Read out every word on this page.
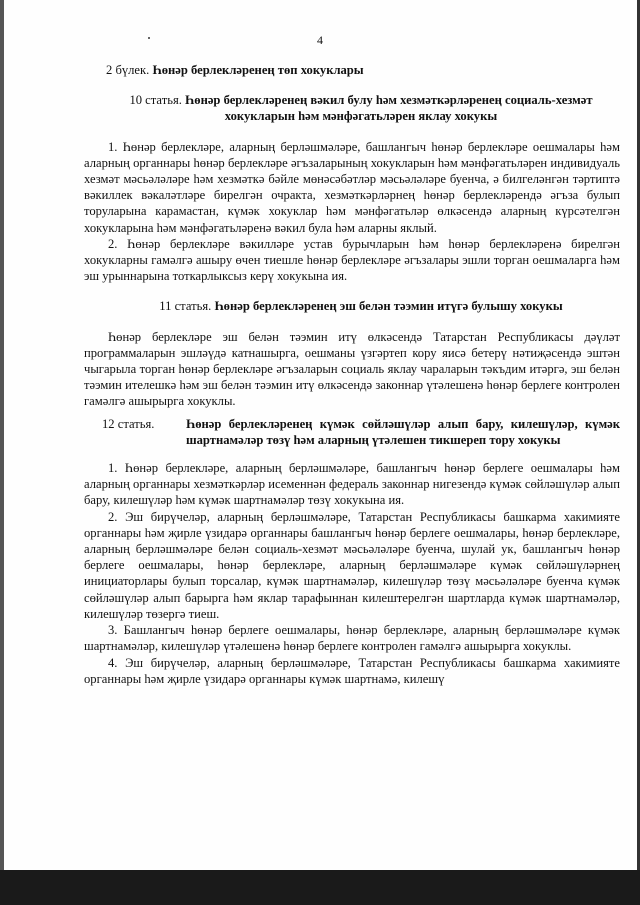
4
2 бүлек. Һөнәр берлекләренең төп хокуклары
10 статья. Һөнәр берлекләренең вәкил булу һәм хезмәткәрләренең социаль-хезмәт хокукларын һәм мәнфәгатьләрен яклау хокукы

1. Һөнәр берлекләре, аларның берләшмәләре, башлангыч һөнәр берлекләре оешмалары һәм аларның органнары һөнәр берлекләре әгъзаларының хокукларын һәм мәнфәгатьләрен индивидуаль хезмәт мәсьәләләре һәм хезмәткә бәйле мөнәсәбәтләр мәсьәләләре буенча, ә билгеләнгән тәртиптә вәкиллек вәкаләтләре бирелгән очракта, хезмәткәрләрнең һөнәр берлекләрендә әгъза булып торуларына карамастан, күмәк хокуклар һәм мәнфәгатьләр өлкәсендә аларның күрсәтелгән хокукларына һәм мәнфәгатьләренә вәкил була һәм аларны яклый.

2. Һөнәр берлекләре вәкилләре устав бурычларын һәм һөнәр берлекләренә бирелгән хокукларны гамәлгә ашыру өчен тиешле һөнәр берлекләре әгъзалары эшли торган оешмаларга һәм эш урыннарына тоткарлыксыз керү хокукына ия.

11 статья. Һөнәр берлекләренең эш белән тәэмин итүгә булышу хокукы

Һөнәр берлекләре эш белән тәэмин итү өлкәсендә Татарстан Республикасы дәүләт программаларын эшләүдә катнашырга, оешманы үзгәртеп кору яисә бетерү нәтиҗәсендә эштән чыгарыла торган һөнәр берлекләре әгъзаларын социаль яклау чараларын тәкъдим итәргә, эш белән тәэмин ителешкә һәм эш белән тәэмин итү өлкәсендә законнар үтәлешенә һөнәр берлеге контролен гамәлгә ашырырга хокуклы.

12 статья.	Һөнәр берлекләренең күмәк сөйләшүләр алып бару, килешүләр, күмәк шартнамәләр төзү һәм аларның үтәлешен тикшереп тору хокукы

1. Һөнәр берлекләре, аларның берләшмәләре, башлангыч һөнәр берлеге оешмалары һәм аларның органнары хезмәткәрләр исеменнән федераль законнар нигезендә күмәк сөйләшүләр алып бару, килешүләр һәм күмәк шартнамәләр төзү хокукына ия.

2. Эш бирүчеләр, аларның берләшмәләре, Татарстан Республикасы башкарма хакимияте органнары һәм җирле үзидарә органнары башлангыч һөнәр берлеге оешмалары, һөнәр берлекләре, аларның берләшмәләре белән социаль-хезмәт мәсьәләләре буенча, шулай ук, башлангыч һөнәр берлеге оешмалары, һөнәр берлекләре, аларның берләшмәләре күмәк сөйләшүләрнең инициаторлары булып торсалар, күмәк шартнамәләр, килешүләр төзү мәсьәләләре буенча күмәк сөйләшүләр алып барырга һәм яклар тарафыннан килештерелгән шартларда күмәк шартнамәләр, килешүләр төзергә тиеш.

3. Башлангыч һөнәр берлеге оешмалары, һөнәр берлекләре, аларның берләшмәләре күмәк шартнамәләр, килешүләр үтәлешенә һөнәр берлеге контролен гамәлгә ашырырга хокуклы.

4. Эш бирүчеләр, аларның берләшмәләре, Татарстан Республикасы башкарма хакимияте органнары һәм җирле үзидарә органнары күмәк шартнамә, килешү
